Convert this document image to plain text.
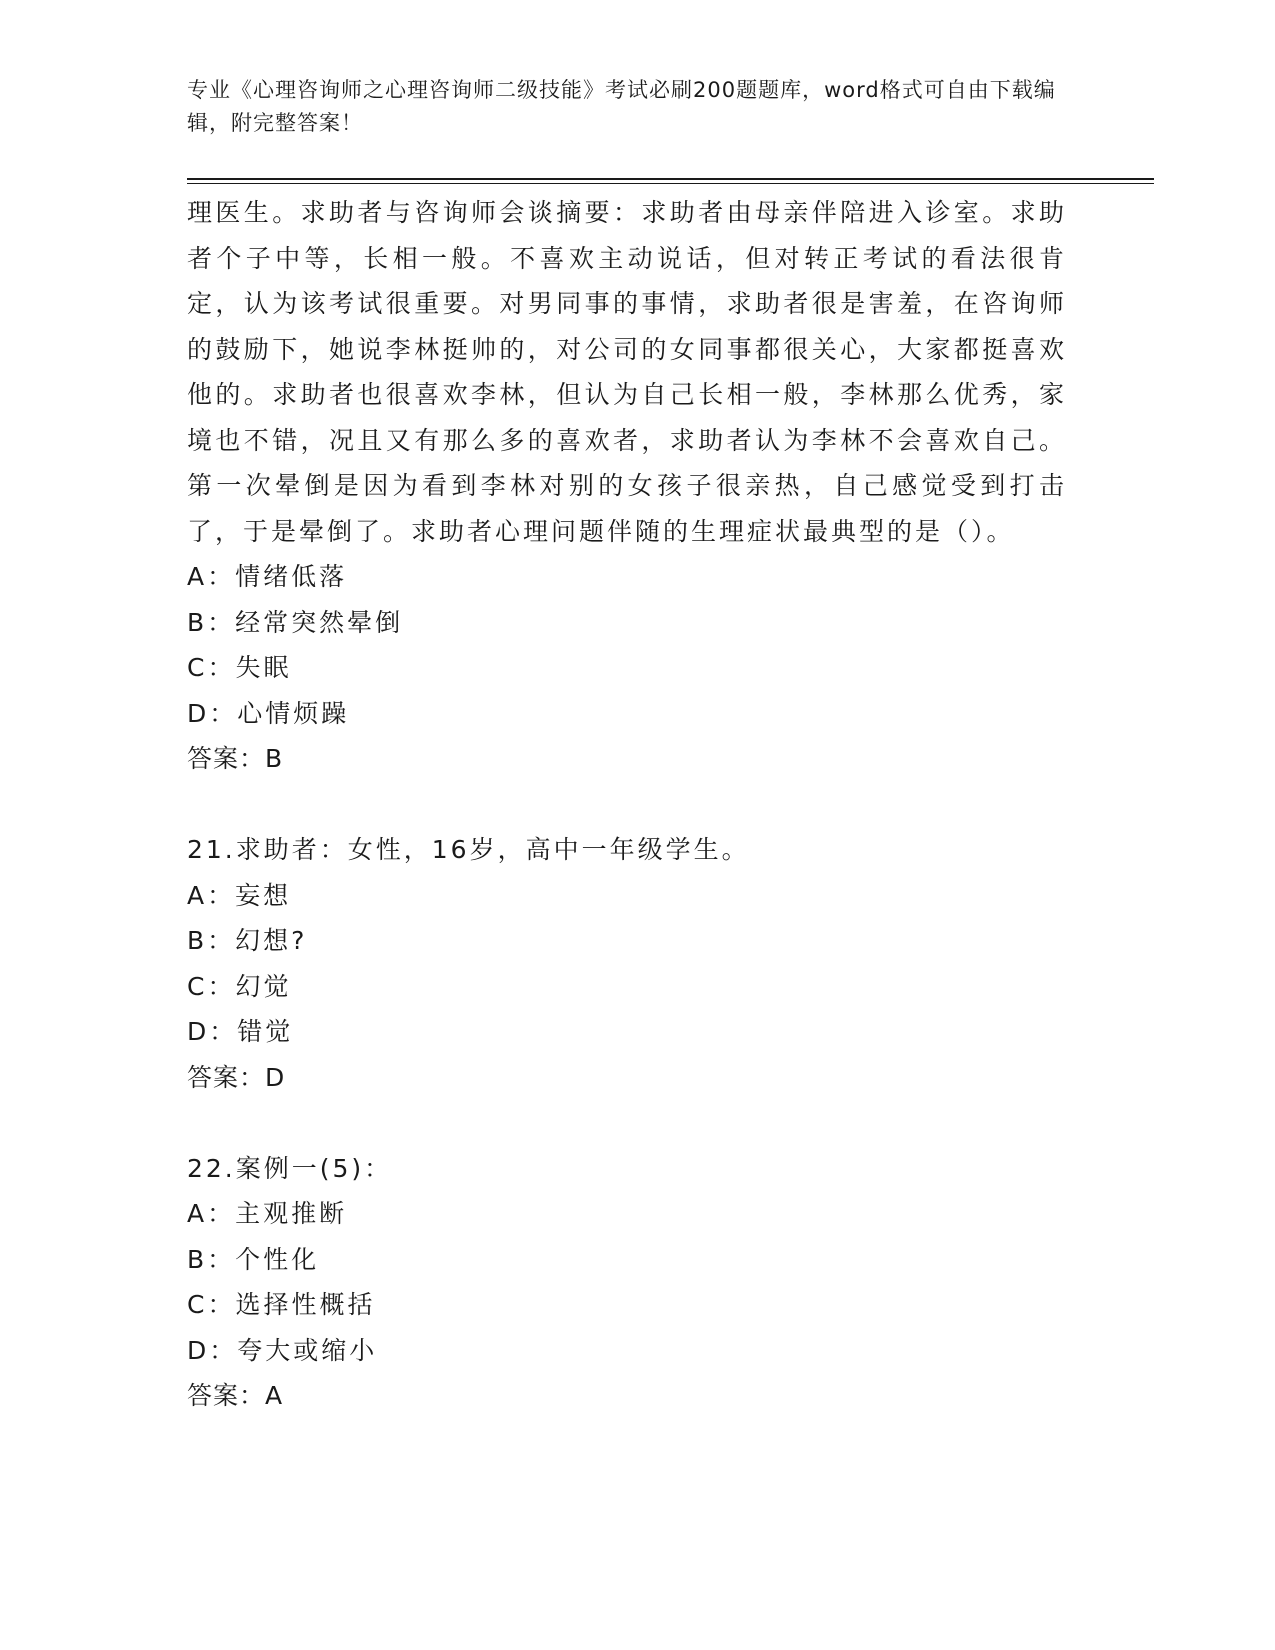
专业《心理咨询师之心理咨询师二级技能》考试必刷200题题库，word格式可自由下载编辑，附完整答案！

理医生。求助者与咨询师会谈摘要：求助者由母亲伴陪进入诊室。求助者个子中等，长相一般。不喜欢主动说话，但对转正考试的看法很肯定，认为该考试很重要。对男同事的事情，求助者很是害羞，在咨询师的鼓励下，她说李林挺帅的，对公司的女同事都很关心，大家都挺喜欢他的。求助者也很喜欢李林，但认为自己长相一般，李林那么优秀，家境也不错，况且又有那么多的喜欢者，求助者认为李林不会喜欢自己。第一次晕倒是因为看到李林对别的女孩子很亲热，自己感觉受到打击了，于是晕倒了。求助者心理问题伴随的生理症状最典型的是（）。

A：情绪低落

B：经常突然晕倒

C：失眠

D：心情烦躁

答案：B

21.求助者：女性，16岁，高中一年级学生。

A：妄想

B：幻想?

C：幻觉

D：错觉

答案：D

22.案例一(5)：

A：主观推断

B：个性化

C：选择性概括

D：夸大或缩小

答案：A
